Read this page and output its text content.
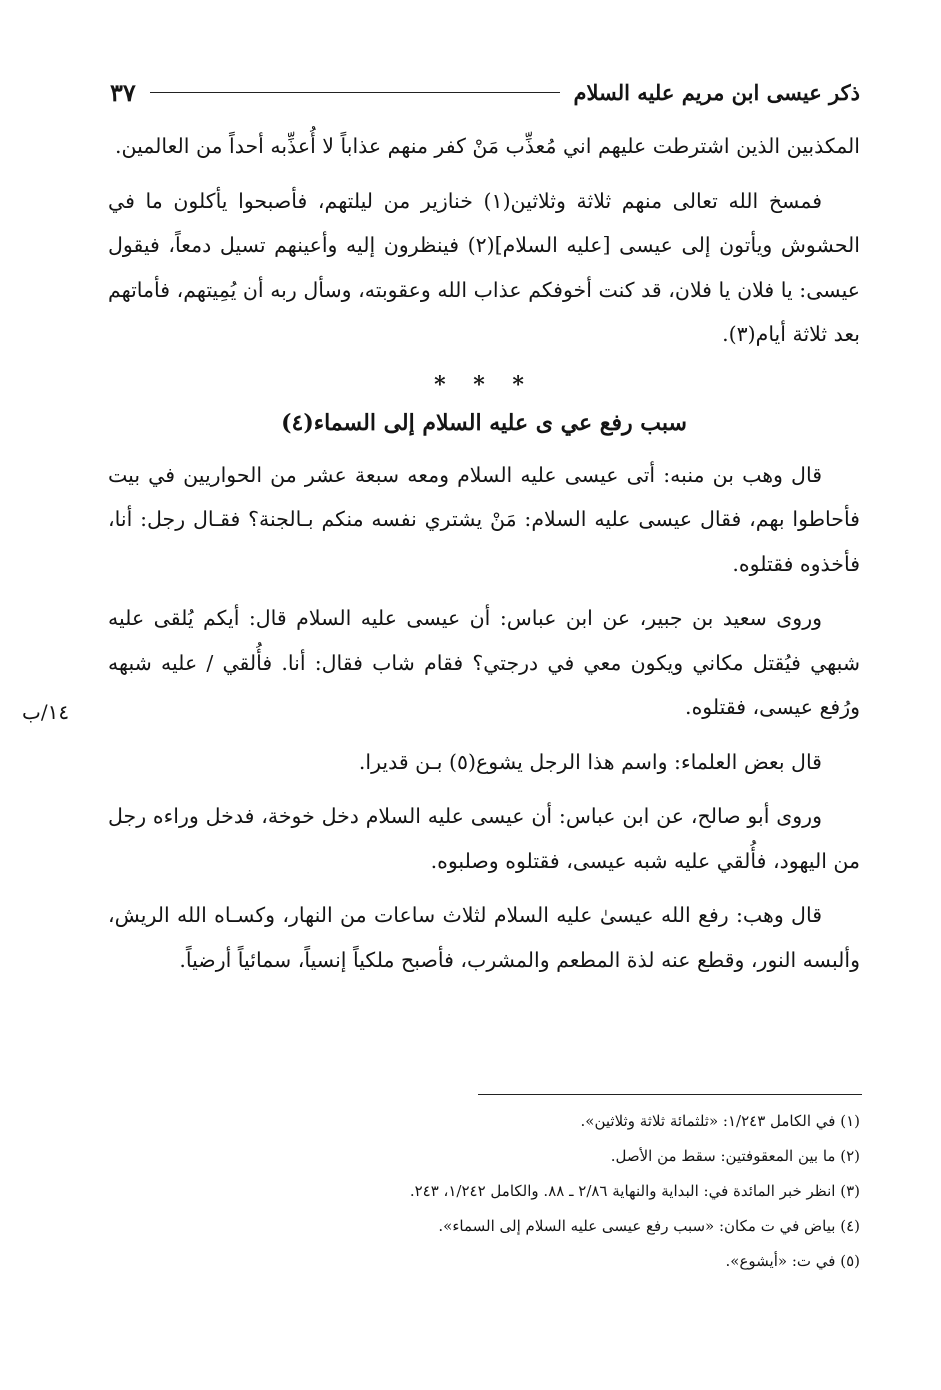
ذكر عيسى ابن مريم عليه السلام
٣٧

المكذبين الذين اشترطت عليهم اني مُعذِّب مَنْ كفر منهم عذاباً لا أُعذِّبه أحداً من العالمين.

فمسخ الله تعالى منهم ثلاثة وثلاثين(١) خنازير من ليلتهم، فأصبحوا يأكلون ما في الحشوش ويأتون إلى عيسى [عليه السلام](٢) فينظرون إليه وأعينهم تسيل دمعاً، فيقول عيسى: يا فلان يا فلان، قد كنت أخوفكم عذاب الله وعقوبته، وسأل ربه أن يُمِيتهم، فأماتهم بعد ثلاثة أيام(٣).

* * *
سبب رفع عي ى عليه السلام إلى السماء(٤)

قال وهب بن منبه: أتى عيسى عليه السلام ومعه سبعة عشر من الحواريين في بيت فأحاطوا بهم، فقال عيسى عليه السلام: مَنْ يشتري نفسه منكم بـالجنة؟ فقـال رجل: أنا، فأخذوه فقتلوه.

وروى سعيد بن جبير، عن ابن عباس: أن عيسى عليه السلام قال: أيكم يُلقى عليه شبهي فيُقتل مكاني ويكون معي في درجتي؟ فقام شاب فقال: أنا. فأُلقي / عليه شبهه ورُفع عيسى، فقتلوه.

قال بعض العلماء: واسم هذا الرجل يشوع(٥) بـن قديرا.

وروى أبو صالح، عن ابن عباس: أن عيسى عليه السلام دخل خوخة، فدخل وراءه رجل من اليهود، فأُلقي عليه شبه عيسى، فقتلوه وصلبوه.

قال وهب: رفع الله عيسىٰ عليه السلام لثلاث ساعات من النهار، وكسـاه الله الريش، وألبسه النور، وقطع عنه لذة المطعم والمشرب، فأصبح ملكياً إنسياً، سمائياً أرضياً.

١٤/ب

(١) في الكامل ١/٢٤٣: «ثلثمائة ثلاثة وثلاثين».

(٢) ما بين المعقوفتين: سقط من الأصل.

(٣) انظر خبر المائدة في: البداية والنهاية ٢/٨٦ ـ ٨٨. والكامل ١/٢٤٢، ٢٤٣.

(٤) بياض في ت مكان: «سبب رفع عيسى عليه السلام إلى السماء».

(٥) في ت: «أيشوع».
